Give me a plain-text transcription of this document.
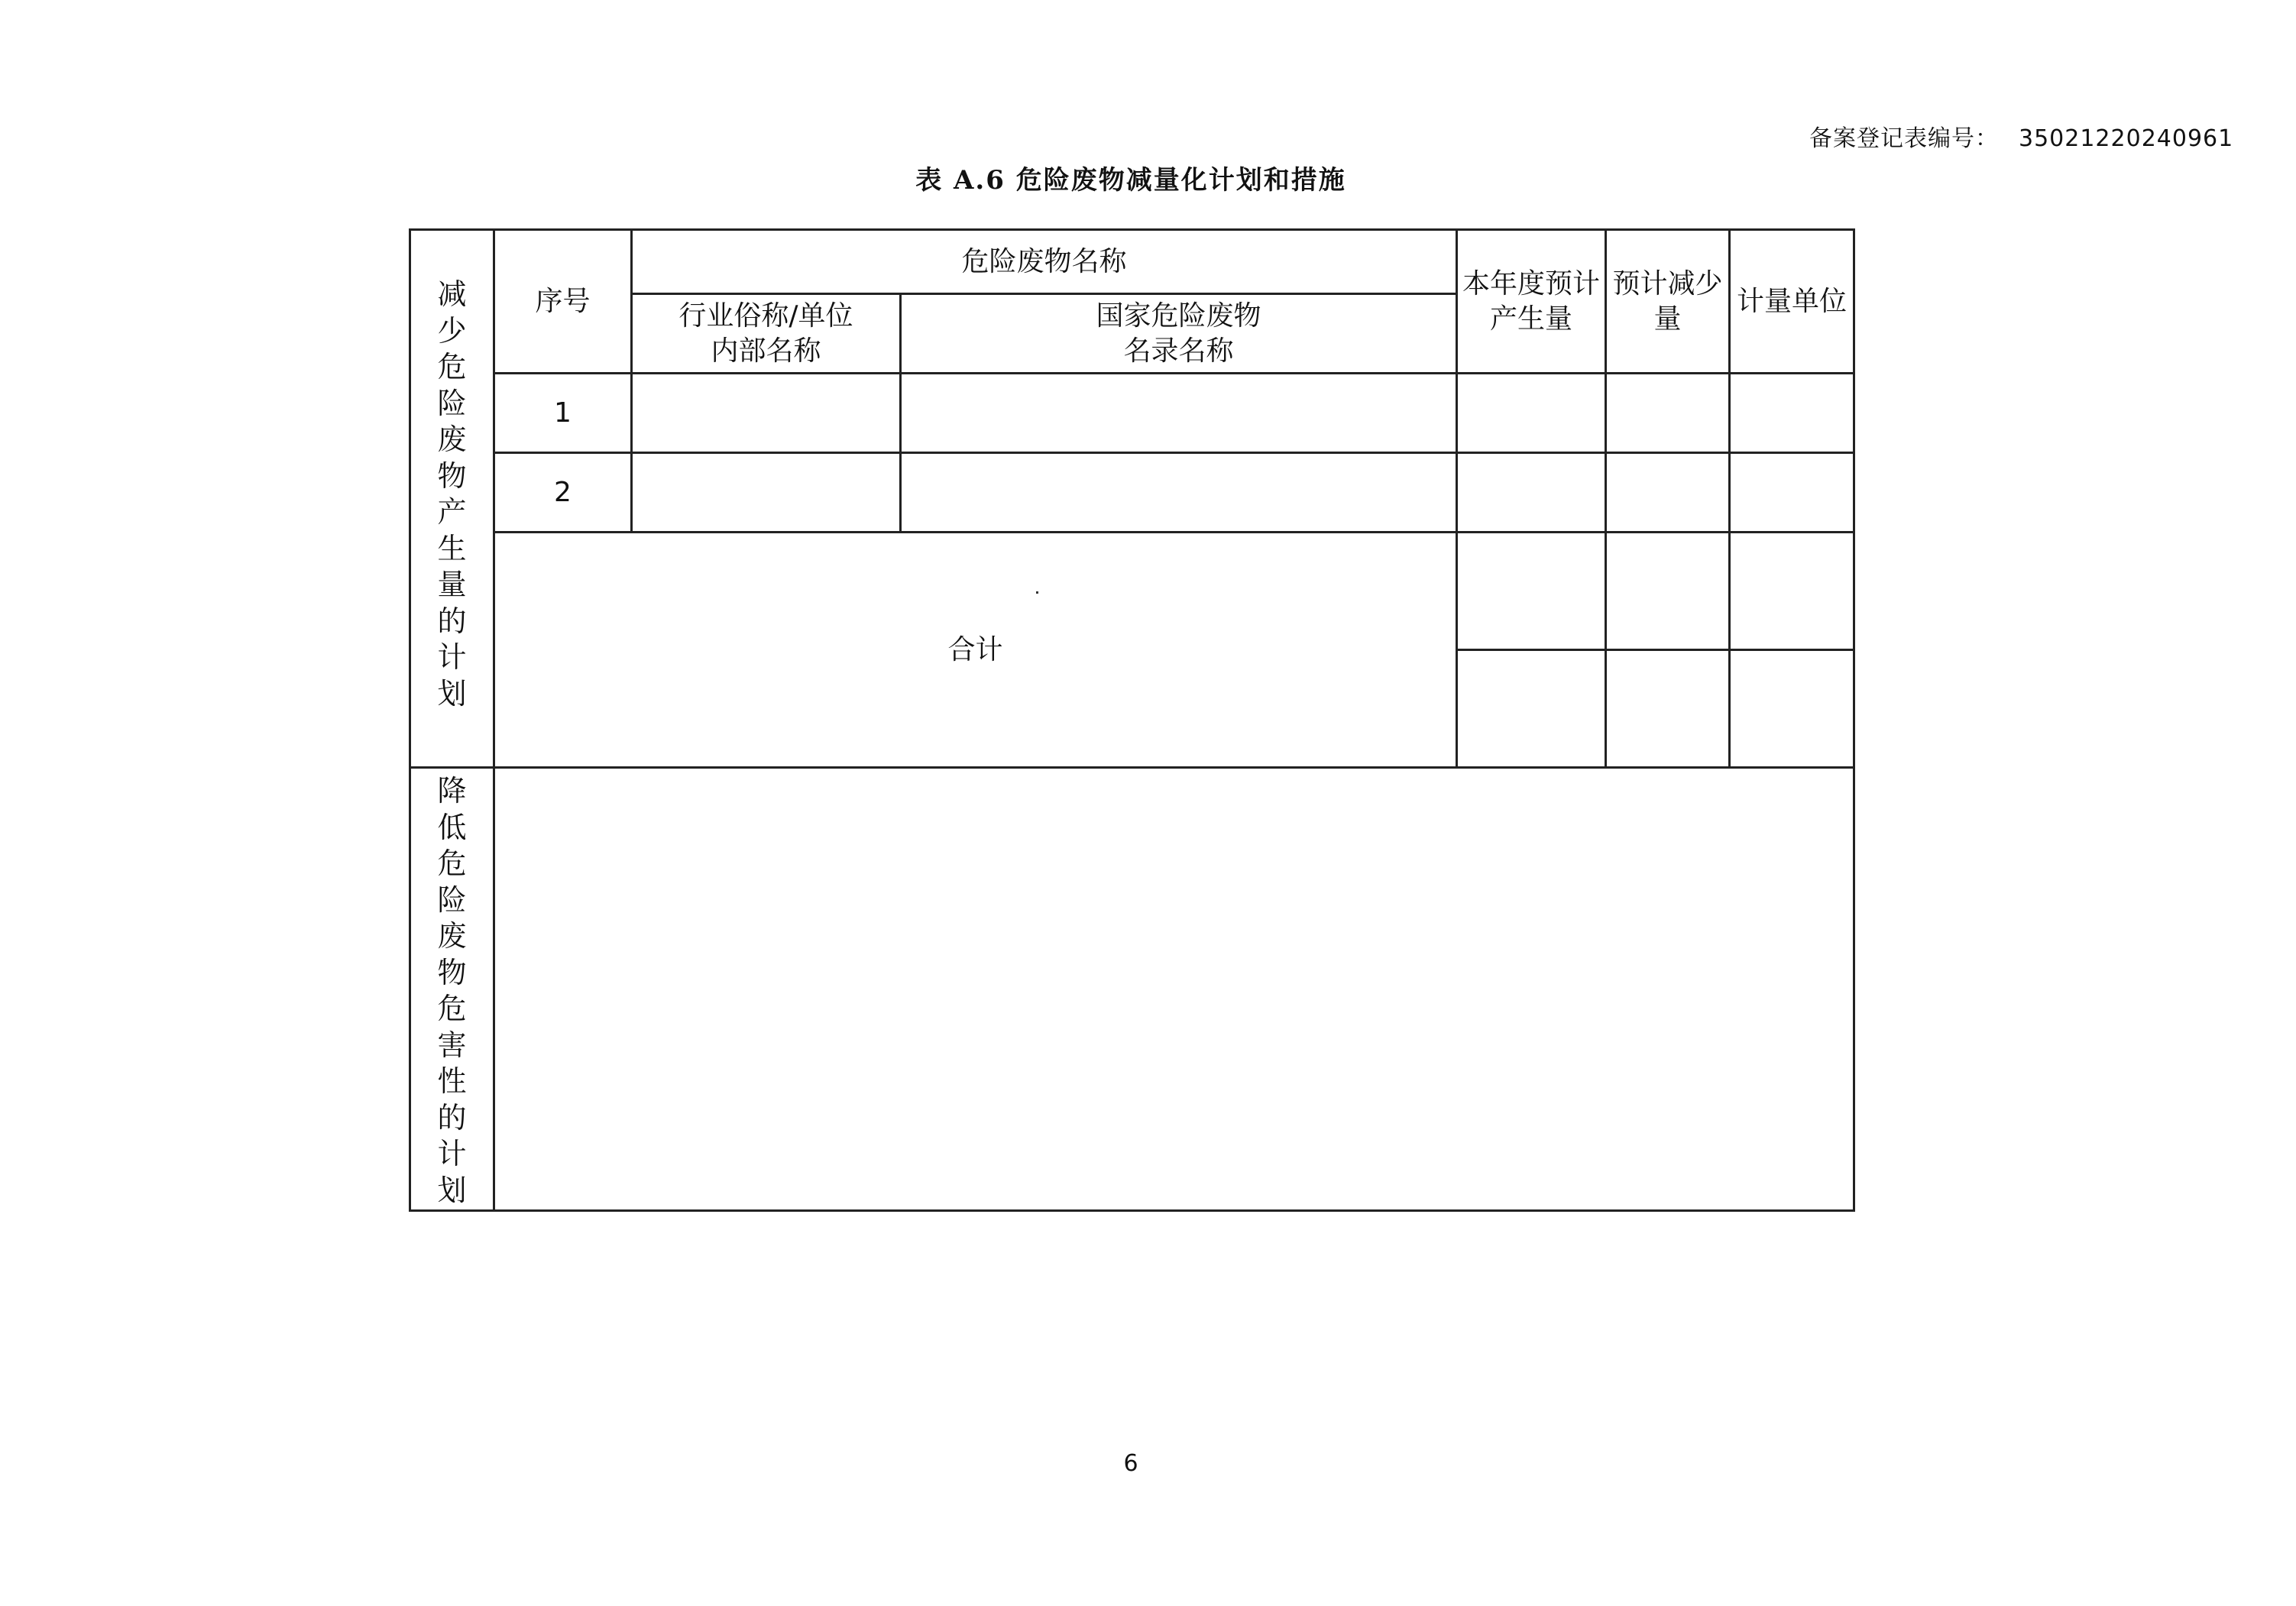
备案登记表编号： 35021220240961
表 A.6 危险废物减量化计划和措施
减少危险废物产生量的计划	序号	危险废物名称		本年度预计产生量	预计减少量	计量单位
		行业俗称/单位内部名称	国家危险废物名录名称			
	1					
	2					
	合计					

降低危险废物危害性的计划						
6
